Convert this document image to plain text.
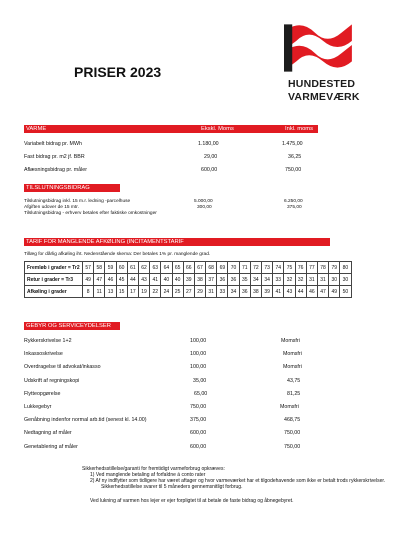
PRISER 2023
HUNDESTED
VARMEVÆRK
VARME	Ekskl. Moms	Inkl. moms
Variabelt bidrag pr. MWh	1.180,00	1.475,00
Fast bidrag pr. m2 jf. BBR	29,00	36,25
Aflæsningsbidrag pr. måler	600,00	750,00
TILSLUTNINGSBIDRAG
Tilslutningsbidrag inkl. 15 m.r. ledning -parcelhuse	5.000,00	6.250,00
Afgiften udover de 15 mtr.	300,00	375,00
Tilslutningsbidrag - erhverv betales efter faktiske omkostninger
TARIF FOR MANGLENDE AFKØLING (INCITAMENTSTARIF
Tillæg for dårlig afkøling iht. Nedenstående skema: Der betales 1% pr. manglende grad.
Fremløb i grader = Tr2	57	58	59	60	61	62	63	64	65	66	67	68	69	70	71	72	73	74	75	76	77	78	79	80
Retur i grader = Tr3	49	47	46	45	44	43	41	40	40	39	38	37	36	36	35	34	34	33	32	32	31	31	30	30
Afkøling i grader	8	11	13	15	17	19	22	24	25	27	29	31	33	34	36	38	39	41	43	44	46	47	49	50
GEBYR OG SERVICEYDELSER
Rykkerskrivelse 1+2	100,00	Momsfri
Inkassoskrivelse	100,00	Momsfri
Overdragelse til advokat/inkasso	100,00	Momsfri
Udskrift af regningskopi	35,00	43,75
Flytteopgørelse	65,00	81,25
Lukkegebyr	750,00	Momsfri
Genåbning indenfor normal arb.tid (senest kl. 14.00)	375,00	468,75
Nedtagning af måler	600,00	750,00
Genetablering af måler	600,00	750,00
Sikkerhedsstillelse/garanti for fremtidigt varmeforbrug opkræves:
1) Ved manglende betaling af forfaldne á conto rater
2) Af ny indflytter som tidligere har været aftager og hvor varmeværket har et tilgodehavende som ikke er betalt trods rykkerskrivelser.
Sikkerhedsstillelse svarer til 5 måneders gennemsnitligt forbrug.
Ved lukning af varmen hos lejer er ejer forpligtet til at betale de faste bidrag og åbnegebyret.
